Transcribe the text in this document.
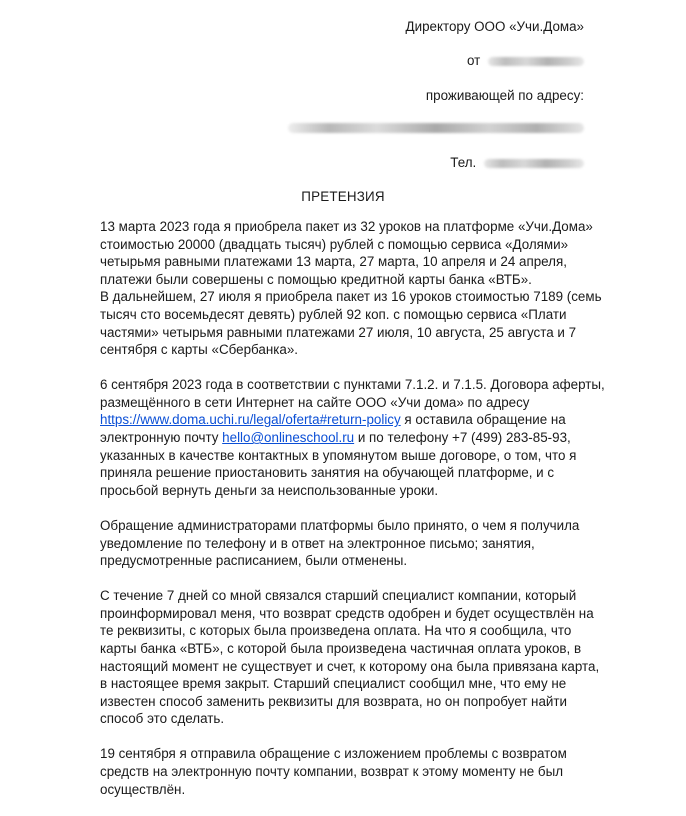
Директору ООО «Учи.Дома»
от
проживающей по адресу:
Тел.
ПРЕТЕНЗИЯ
13 марта 2023 года я приобрела пакет из 32 уроков на платформе «Учи.Дома»
стоимостью 20000 (двадцать тысяч) рублей с помощью сервиса «Долями»
четырьмя равными платежами 13 марта, 27 марта, 10 апреля и 24 апреля,
платежи были совершены с помощью кредитной карты банка «ВТБ».
В дальнейшем, 27 июля я приобрела пакет из 16 уроков стоимостью 7189 (семь
тысяч сто восемьдесят девять) рублей 92 коп. с помощью сервиса «Плати
частями» четырьмя равными платежами 27 июля, 10 августа, 25 августа и 7
сентября с карты «Сбербанка».
6 сентября 2023 года в соответствии с пунктами 7.1.2. и 7.1.5. Договора аферты,
размещённого в сети Интернет на сайте ООО «Учи дома» по адресу
https://www.doma.uchi.ru/legal/oferta#return-policy я оставила обращение на
электронную почту hello@onlineschool.ru и по телефону +7 (499) 283-85-93,
указанных в качестве контактных в упомянутом выше договоре, о том, что я
приняла решение приостановить занятия на обучающей платформе, и с
просьбой вернуть деньги за неиспользованные уроки.
Обращение администраторами платформы было принято, о чем я получила
уведомление по телефону и в ответ на электронное письмо; занятия,
предусмотренные расписанием, были отменены.
С течение 7 дней со мной связался старший специалист компании, который
проинформировал меня, что возврат средств одобрен и будет осуществлён на
те реквизиты, с которых была произведена оплата. На что я сообщила, что
карты банка «ВТБ», с которой была произведена частичная оплата уроков, в
настоящий момент не существует и счет, к которому она была привязана карта,
в настоящее время закрыт. Старший специалист сообщил мне, что ему не
известен способ заменить реквизиты для возврата, но он попробует найти
способ это сделать.
19 сентября я отправила обращение с изложением проблемы с возвратом
средств на электронную почту компании, возврат к этому моменту не был
осуществлён.
